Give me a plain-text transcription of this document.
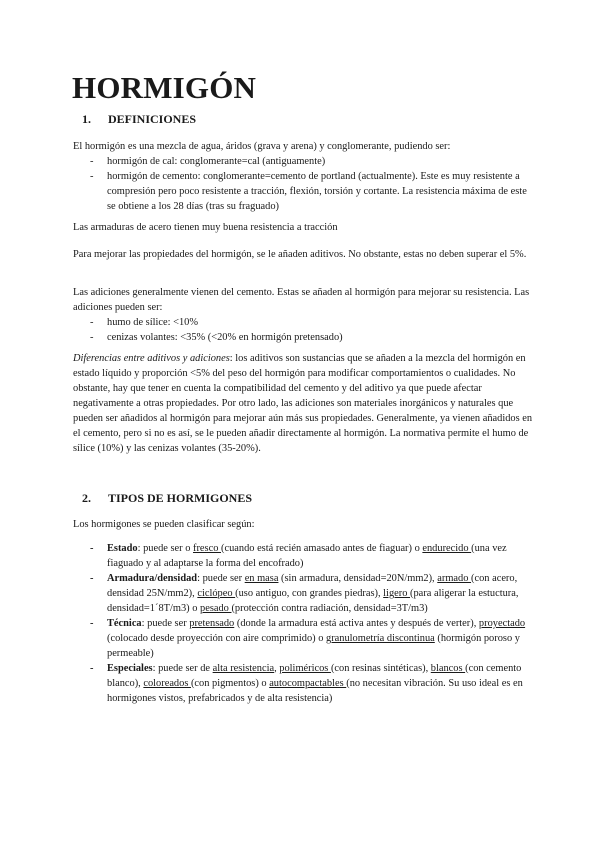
HORMIGÓN
1. DEFINICIONES

El hormigón es una mezcla de agua, áridos (grava y arena) y conglomerante, pudiendo ser:

- hormigón de cal: conglomerante=cal (antiguamente)
- hormigón de cemento: conglomerante=cemento de portland (actualmente). Este es muy resistente a compresión pero poco resistente a tracción, flexión, torsión y cortante. La resistencia máxima de este se obtiene a los 28 días (tras su fraguado)

Las armaduras de acero tienen muy buena resistencia a tracción

Para mejorar las propiedades del hormigón, se le añaden aditivos. No obstante, estas no deben superar el 5%.

Las adiciones generalmente vienen del cemento. Estas se añaden al hormigón para mejorar su resistencia. Las adiciones pueden ser:

- humo de sílice: <10%
- cenizas volantes: <35% (<20% en hormigón pretensado)

Diferencias entre aditivos y adiciones: los aditivos son sustancias que se añaden a la mezcla del hormigón en estado líquido y proporción <5% del peso del hormigón para modificar comportamientos o cualidades. No obstante, hay que tener en cuenta la compatibilidad del cemento y del aditivo ya que puede afectar negativamente a otras propiedades. Por otro lado, las adiciones son materiales inorgánicos y naturales que pueden ser añadidos al hormigón para mejorar aún más sus propiedades. Generalmente, ya vienen añadidos en el cemento, pero si no es así, se le pueden añadir directamente al hormigón. La normativa permite el humo de sílice (10%) y las cenizas volantes (35-20%).

2. TIPOS DE HORMIGONES

Los hormigones se pueden clasificar según:

- Estado: puede ser o fresco (cuando está recién amasado antes de fiaguar) o endurecido (una vez fiaguado y al adaptarse la forma del encofrado)
- Armadura/densidad: puede ser en masa (sin armadura, densidad=20N/mm2), armado (con acero, densidad 25N/mm2), ciclópeo (uso antiguo, con grandes piedras), ligero (para aligerar la estuctura, densidad=1´8T/m3) o pesado (protección contra radiación, densidad=3T/m3)
- Técnica: puede ser pretensado (donde la armadura está activa antes y después de verter), proyectado (colocado desde proyección con aire comprimido) o granulometría discontinua (hormigón poroso y permeable)
- Especiales: puede ser de alta resistencia, poliméricos (con resinas sintéticas), blancos (con cemento blanco), coloreados (con pigmentos) o autocompactables (no necesitan vibración. Su uso ideal es en hormigones vistos, prefabricados y de alta resistencia)
